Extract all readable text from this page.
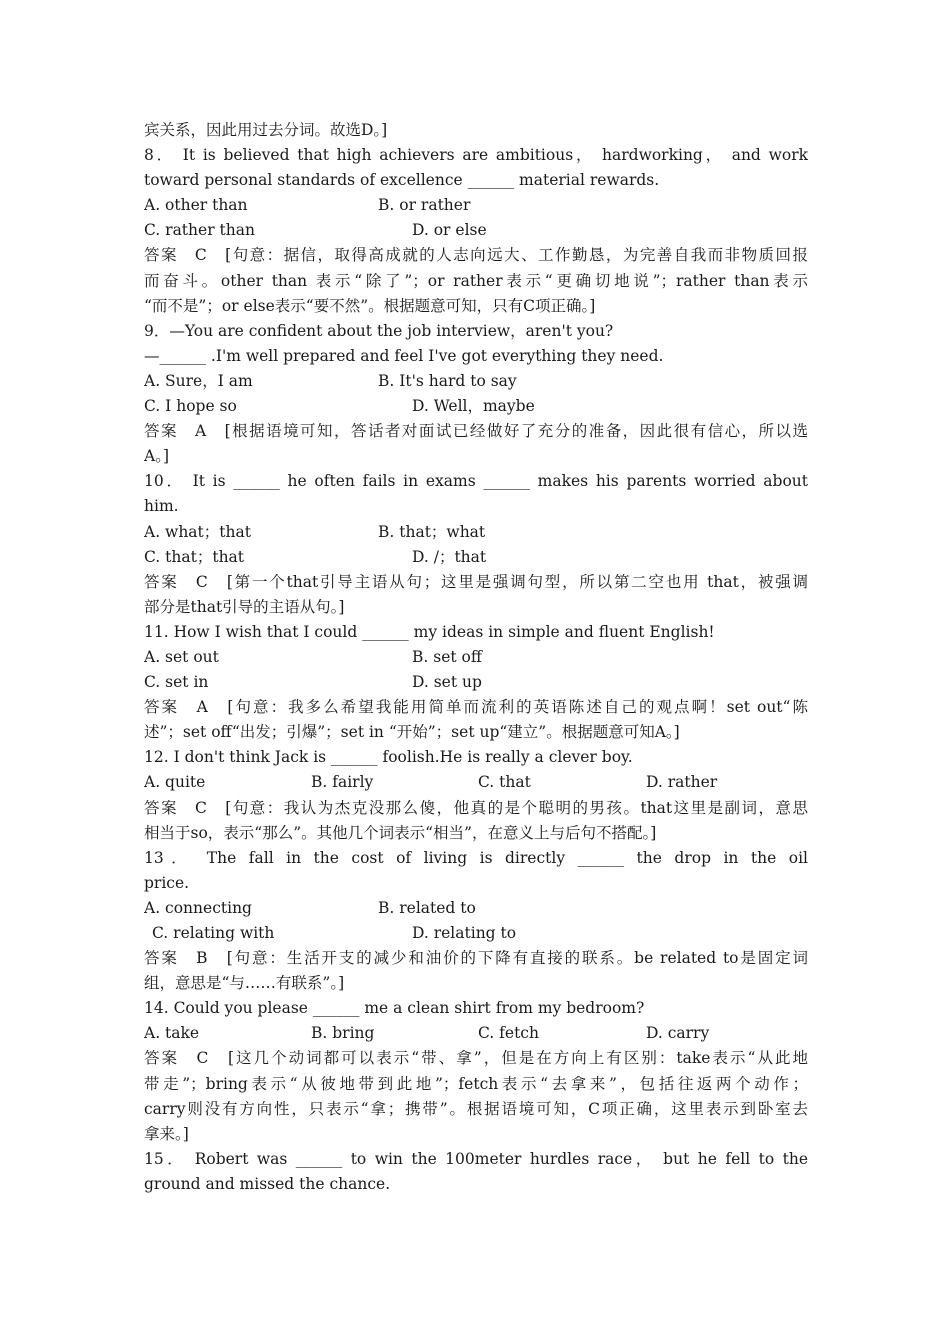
宾关系，因此用过去分词。故选D。]
8． It is believed that high achievers are ambitious， hardworking， and work
toward personal standards of excellence ______ material rewards.
A. other than	B. or rather
C. rather than	D. or else
答案　C　[句意：据信，取得高成就的人志向远大、工作勤恳，为完善自我而非物质回报
而奋斗。other than 表示“除了”；or rather表示“更确切地说”；rather than表示
“而不是”；or else表示“要不然”。根据题意可知，只有C项正确。]
9．—You are confident about the job interview，aren't you?
—______ .I'm well prepared and feel I've got everything they need.
A. Sure，I am	B. It's hard to say
C. I hope so	D. Well，maybe
答案　A　[根据语境可知，答话者对面试已经做好了充分的准备，因此很有信心，所以选
A。]
10． It is ______ he often fails in exams ______ makes his parents worried about
him.
A. what；that	B. that；what
C. that；that	D. /；that
答案　C　[第一个that引导主语从句；这里是强调句型，所以第二空也用 that，被强调
部分是that引导的主语从句。]
11. How I wish that I could ______ my ideas in simple and fluent English!
A. set out	B. set off
C. set in	D. set up
答案　A　[句意：我多么希望我能用简单而流利的英语陈述自己的观点啊！set out“陈
述”；set off“出发；引爆”；set in “开始”；set up“建立”。根据题意可知A。]
12. I don't think Jack is ______ foolish.He is really a clever boy.
A. quite	B. fairly	C. that	D. rather
答案　C　[句意：我认为杰克没那么傻，他真的是个聪明的男孩。that这里是副词，意思
相当于so，表示“那么”。其他几个词表示“相当”，在意义上与后句不搭配。]
13． The fall in the cost of living is directly ______ the drop in the oil
price.
A. connecting	B. related to
C. relating with	D. relating to
答案　B　[句意：生活开支的减少和油价的下降有直接的联系。be related to是固定词
组，意思是“与……有联系”。]
14. Could you please ______ me a clean shirt from my bedroom?
A. take	B. bring	C. fetch	D. carry
答案　C　[这几个动词都可以表示“带、拿”，但是在方向上有区别：take表示“从此地
带走”；bring表示“从彼地带到此地”；fetch表示“去拿来”，包括往返两个动作；
carry则没有方向性，只表示“拿；携带”。根据语境可知，C项正确，这里表示到卧室去
拿来。]
15． Robert was ______ to win the 100meter hurdles race， but he fell to the
ground and missed the chance.
